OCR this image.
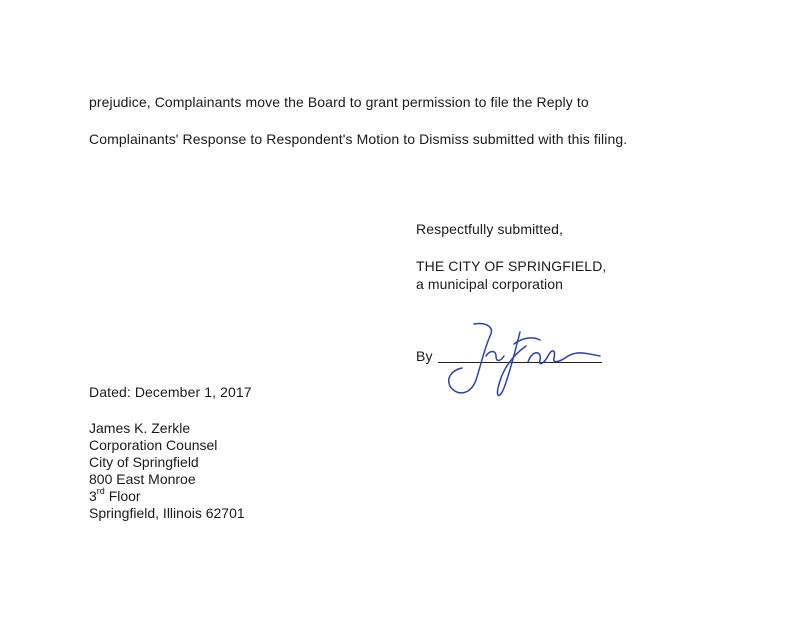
prejudice, Complainants move the Board to grant permission to file the Reply to
Complainants' Response to Respondent's Motion to Dismiss submitted with this filing.
Respectfully submitted,
THE CITY OF SPRINGFIELD,
a municipal corporation
By
Dated: December 1, 2017
James K. Zerkle
Corporation Counsel
City of Springfield
800 East Monroe
3rd Floor
Springfield, Illinois 62701
